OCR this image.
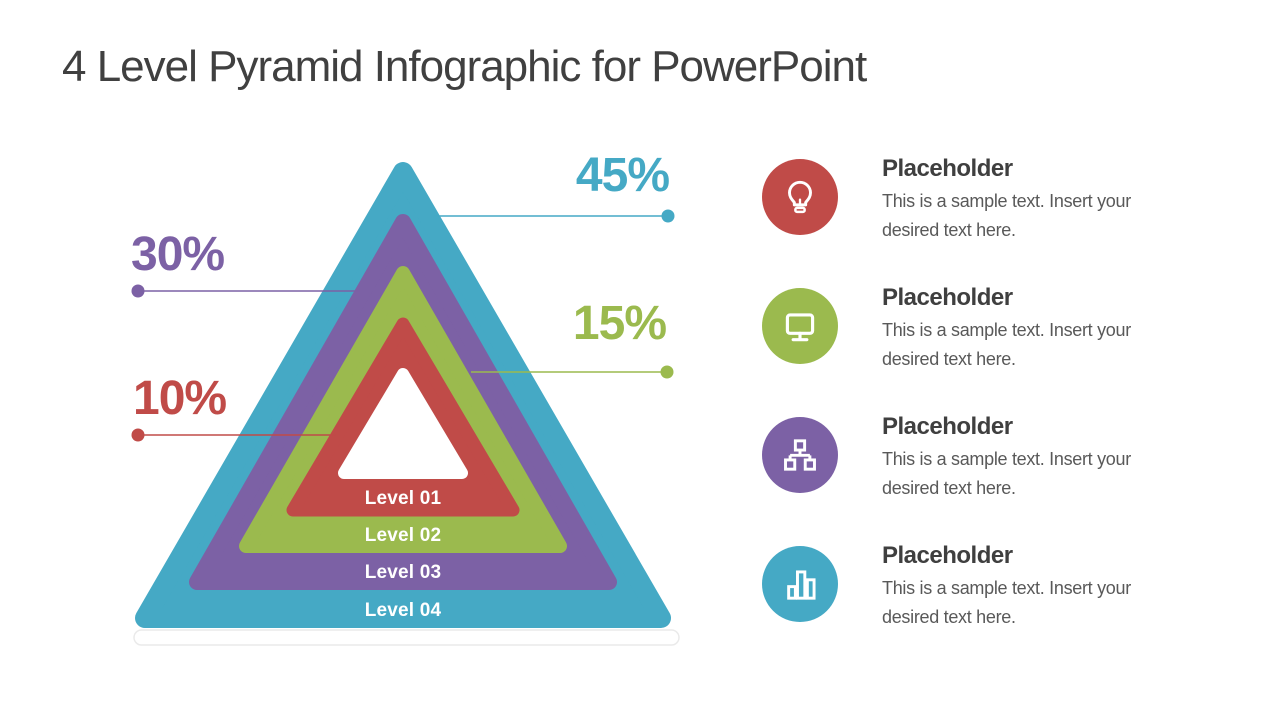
4 Level Pyramid Infographic for PowerPoint
Level 01
Level 02
Level 03
Level 04
45%
30%
15%
10%
Placeholder
This is a sample text. Insert your desired text here.
Placeholder
This is a sample text. Insert your desired text here.
Placeholder
This is a sample text. Insert your desired text here.
Placeholder
This is a sample text. Insert your desired text here.
